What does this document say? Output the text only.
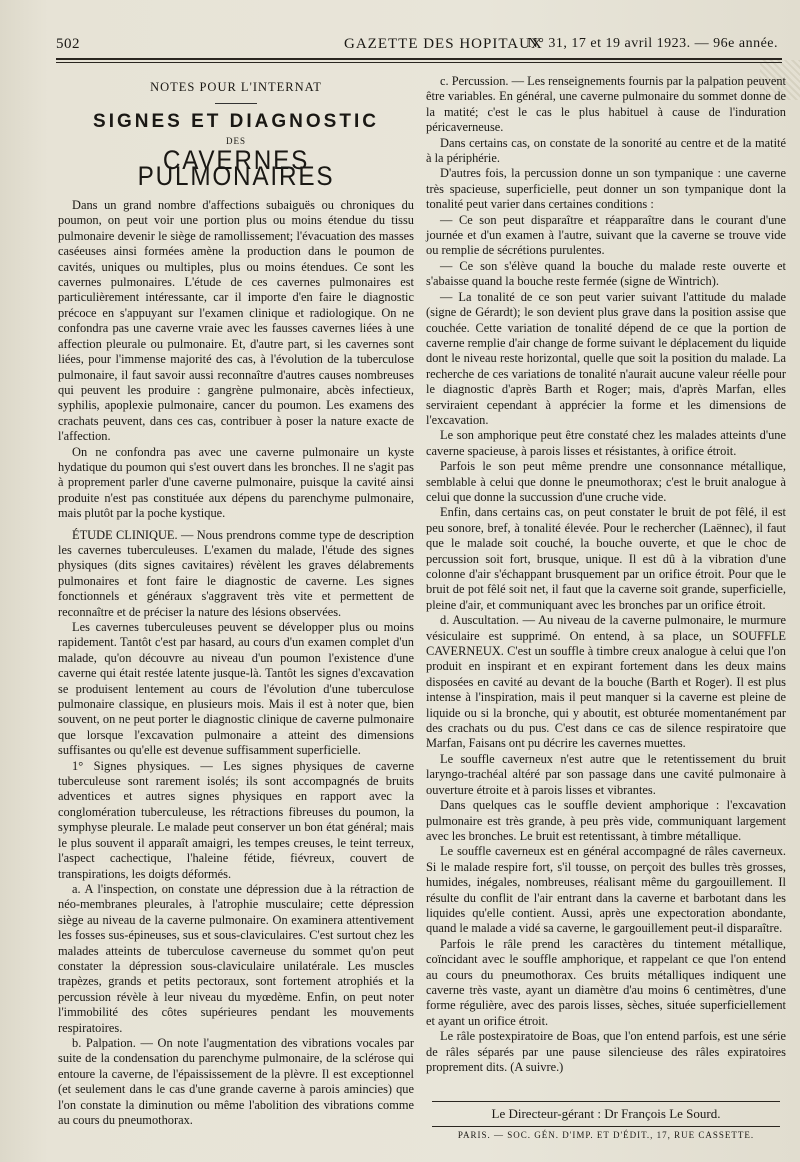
502	GAZETTE DES HOPITAUX
N° 31, 17 et 19 avril 1923. — 96e année.
NOTES POUR L'INTERNAT
SIGNES ET DIAGNOSTIC
DES
CAVERNES PULMONAIRES

Dans un grand nombre d'affections subaiguës ou chroniques du poumon, on peut voir une portion plus ou moins étendue du tissu pulmonaire devenir le siège de ramollissement; l'évacuation des masses caséeuses ainsi formées amène la production dans le poumon de cavités, uniques ou multiples, plus ou moins étendues. Ce sont les cavernes pulmonaires. L'étude de ces cavernes pulmonaires est particulièrement intéressante, car il importe d'en faire le diagnostic précoce en s'appuyant sur l'examen clinique et radiologique. On ne confondra pas une caverne vraie avec les fausses cavernes liées à une affection pleurale ou pulmonaire. Et, d'autre part, si les cavernes sont liées, pour l'immense majorité des cas, à l'évolution de la tuberculose pulmonaire, il faut savoir aussi reconnaître d'autres causes nombreuses qui peuvent les produire : gangrène pulmonaire, abcès infectieux, syphilis, apoplexie pulmonaire, cancer du poumon. Les examens des crachats peuvent, dans ces cas, contribuer à poser la nature exacte de l'affection.

On ne confondra pas avec une caverne pulmonaire un kyste hydatique du poumon qui s'est ouvert dans les bronches. Il ne s'agit pas à proprement parler d'une caverne pulmonaire, puisque la cavité ainsi produite n'est pas constituée aux dépens du parenchyme pulmonaire, mais plutôt par la poche kystique.

ÉTUDE CLINIQUE. — Nous prendrons comme type de description les cavernes tuberculeuses. L'examen du malade, l'étude des signes physiques (dits signes cavitaires) révèlent les graves délabrements pulmonaires et font faire le diagnostic de caverne. Les signes fonctionnels et généraux s'aggravent très vite et permettent de reconnaître et de préciser la nature des lésions observées.

Les cavernes tuberculeuses peuvent se développer plus ou moins rapidement. Tantôt c'est par hasard, au cours d'un examen complet d'un malade, qu'on découvre au niveau d'un poumon l'existence d'une caverne qui était restée latente jusque-là. Tantôt les signes d'excavation se produisent lentement au cours de l'évolution d'une tuberculose pulmonaire classique, en plusieurs mois. Mais il est à noter que, bien souvent, on ne peut porter le diagnostic clinique de caverne pulmonaire que lorsque l'excavation pulmonaire a atteint des dimensions suffisantes ou qu'elle est devenue suffisamment superficielle.

1° Signes physiques. — Les signes physiques de caverne tuberculeuse sont rarement isolés; ils sont accompagnés de bruits adventices et autres signes physiques en rapport avec la conglomération tuberculeuse, les rétractions fibreuses du poumon, la symphyse pleurale. Le malade peut conserver un bon état général; mais le plus souvent il apparaît amaigri, les tempes creuses, le teint terreux, l'aspect cachectique, l'haleine fétide, fiévreux, couvert de transpirations, les doigts déformés.

a. A l'inspection, on constate une dépression due à la rétraction de néo-membranes pleurales, à l'atrophie musculaire; cette dépression siège au niveau de la caverne pulmonaire. On examinera attentivement les fosses sus-épineuses, sus et sous-claviculaires. C'est surtout chez les malades atteints de tuberculose caverneuse du sommet qu'on peut constater la dépression sous-claviculaire unilatérale. Les muscles trapèzes, grands et petits pectoraux, sont fortement atrophiés et la percussion révèle à leur niveau du myœdème. Enfin, on peut noter l'immobilité des côtes supérieures pendant les mouvements respiratoires.

b. Palpation. — On note l'augmentation des vibrations vocales par suite de la condensation du parenchyme pulmonaire, de la sclérose qui entoure la caverne, de l'épaississement de la plèvre. Il est exceptionnel (et seulement dans le cas d'une grande caverne à parois amincies) que l'on constate la diminution ou même l'abolition des vibrations comme au cours du pneumothorax.

c. Percussion. — Les renseignements fournis par la palpation peuvent être variables. En général, une caverne pulmonaire du sommet donne de la matité; c'est le cas le plus habituel à cause de l'induration péricaverneuse.

Dans certains cas, on constate de la sonorité au centre et de la matité à la périphérie.

D'autres fois, la percussion donne un son tympanique : une caverne très spacieuse, superficielle, peut donner un son tympanique dont la tonalité peut varier dans certaines conditions :

— Ce son peut disparaître et réapparaître dans le courant d'une journée et d'un examen à l'autre, suivant que la caverne se trouve vide ou remplie de sécrétions purulentes.

— Ce son s'élève quand la bouche du malade reste ouverte et s'abaisse quand la bouche reste fermée (signe de Wintrich).

— La tonalité de ce son peut varier suivant l'attitude du malade (signe de Gérardt); le son devient plus grave dans la position assise que couchée. Cette variation de tonalité dépend de ce que la portion de caverne remplie d'air change de forme suivant le déplacement du liquide dont le niveau reste horizontal, quelle que soit la position du malade. La recherche de ces variations de tonalité n'aurait aucune valeur réelle pour le diagnostic d'après Barth et Roger; mais, d'après Marfan, elles serviraient cependant à apprécier la forme et les dimensions de l'excavation.

Le son amphorique peut être constaté chez les malades atteints d'une caverne spacieuse, à parois lisses et résistantes, à orifice étroit.

Parfois le son peut même prendre une consonnance métallique, semblable à celui que donne le pneumothorax; c'est le bruit analogue à celui que donne la succussion d'une cruche vide.

Enfin, dans certains cas, on peut constater le bruit de pot fêlé, il est peu sonore, bref, à tonalité élevée. Pour le rechercher (Laënnec), il faut que le malade soit couché, la bouche ouverte, et que le choc de percussion soit fort, brusque, unique. Il est dû à la vibration d'une colonne d'air s'échappant brusquement par un orifice étroit. Pour que le bruit de pot fêlé soit net, il faut que la caverne soit grande, superficielle, pleine d'air, et communiquant avec les bronches par un orifice étroit.

d. Auscultation. — Au niveau de la caverne pulmonaire, le murmure vésiculaire est supprimé. On entend, à sa place, un SOUFFLE CAVERNEUX. C'est un souffle à timbre creux analogue à celui que l'on produit en inspirant et en expirant fortement dans les deux mains disposées en cavité au devant de la bouche (Barth et Roger). Il est plus intense à l'inspiration, mais il peut manquer si la caverne est pleine de liquide ou si la bronche, qui y aboutit, est obturée momentanément par des crachats ou du pus. C'est dans ce cas de silence respiratoire que Marfan, Faisans ont pu décrire les cavernes muettes.

Le souffle caverneux n'est autre que le retentissement du bruit laryngo-trachéal altéré par son passage dans une cavité pulmonaire à ouverture étroite et à parois lisses et vibrantes.

Dans quelques cas le souffle devient amphorique : l'excavation pulmonaire est très grande, à peu près vide, communiquant largement avec les bronches. Le bruit est retentissant, à timbre métallique.

Le souffle caverneux est en général accompagné de râles caverneux. Si le malade respire fort, s'il tousse, on perçoit des bulles très grosses, humides, inégales, nombreuses, réalisant même du gargouillement. Il résulte du conflit de l'air entrant dans la caverne et barbotant dans les liquides qu'elle contient. Aussi, après une expectoration abondante, quand le malade a vidé sa caverne, le gargouillement peut-il disparaître.

Parfois le râle prend les caractères du tintement métallique, coïncidant avec le souffle amphorique, et rappelant ce que l'on entend au cours du pneumothorax. Ces bruits métalliques indiquent une caverne très vaste, ayant un diamètre d'au moins 6 centimètres, d'une forme régulière, avec des parois lisses, sèches, située superficiellement et ayant un orifice étroit.

Le râle postexpiratoire de Boas, que l'on entend parfois, est une série de râles séparés par une pause silencieuse des râles expiratoires proprement dits. (A suivre.)

Le Directeur-gérant : Dr François Le Sourd.
PARIS. — SOC. GÉN. D'IMP. ET D'ÉDIT., 17, RUE CASSETTE.
